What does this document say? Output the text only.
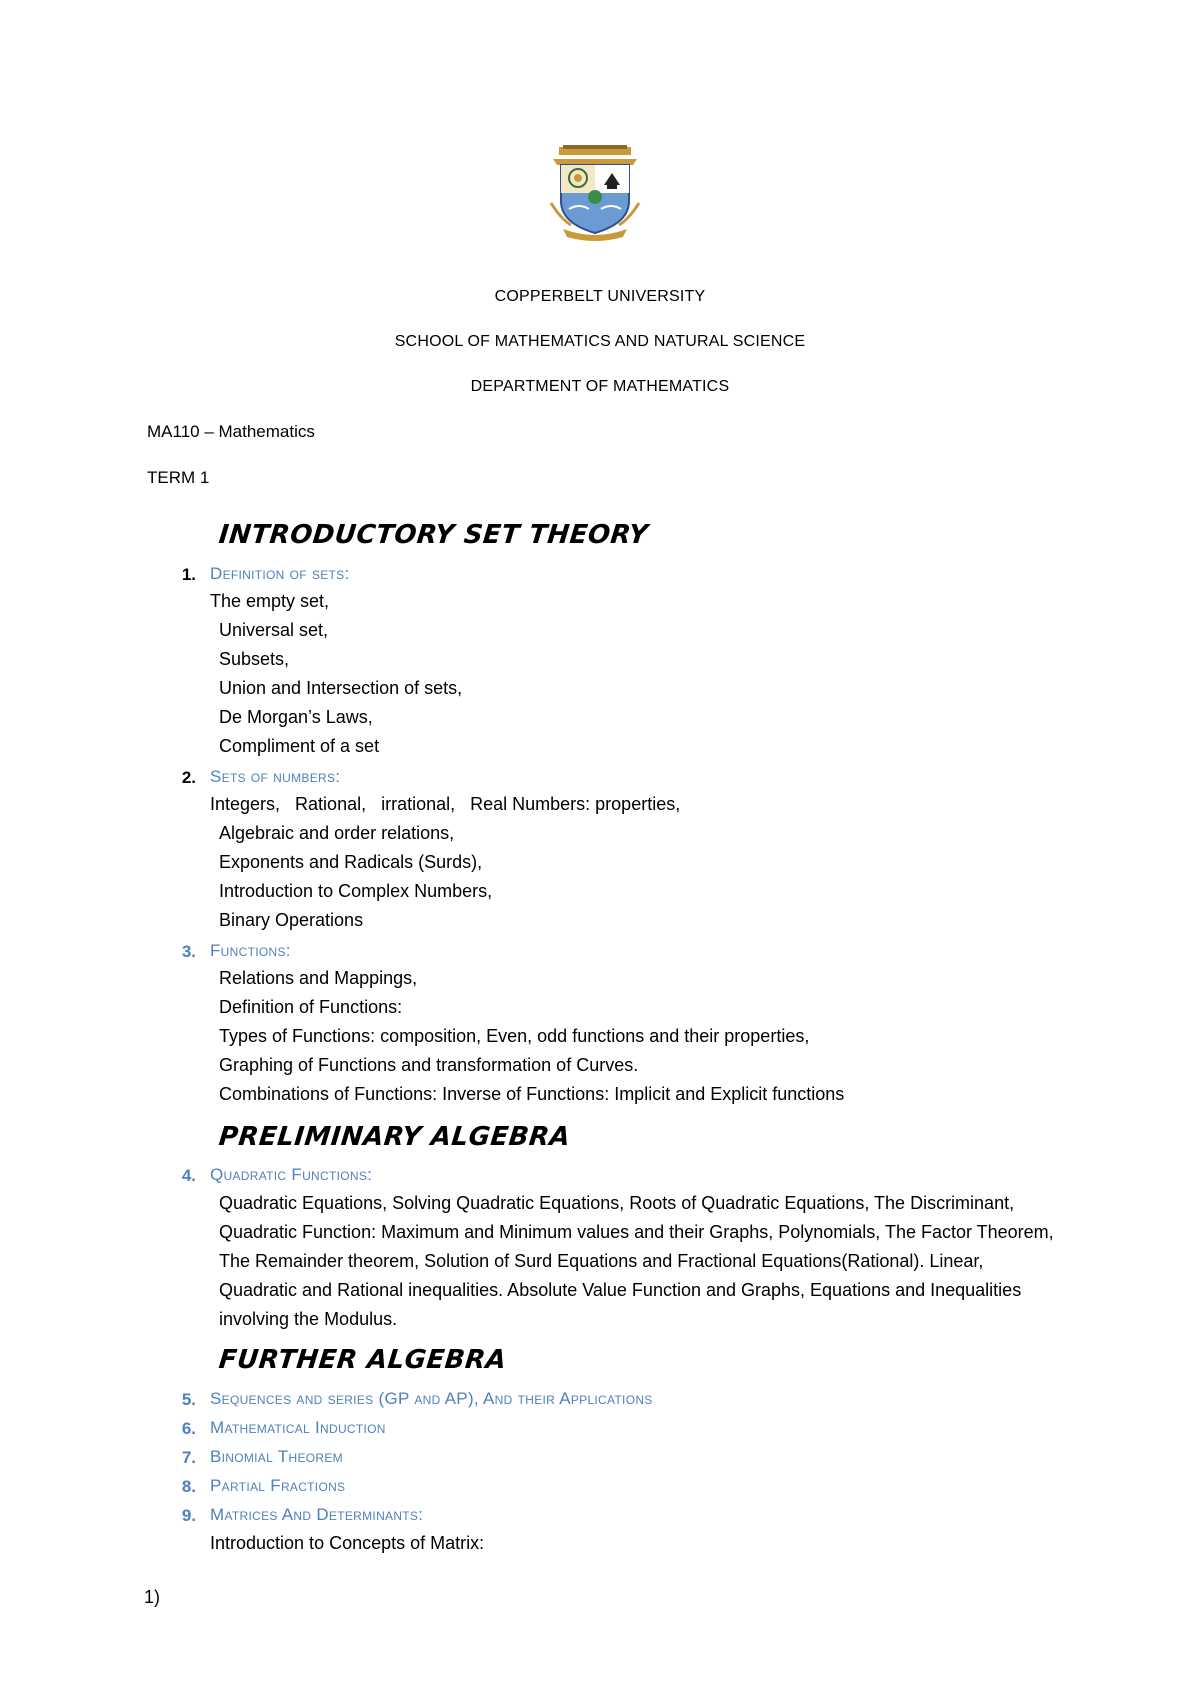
COPPERBELT UNIVERSITY
SCHOOL OF MATHEMATICS AND NATURAL SCIENCE
DEPARTMENT OF MATHEMATICS
MA110 – Mathematics
TERM 1
INTRODUCTORY SET THEORY
1. Definition of sets:
The empty set,
Universal set,
Subsets,
Union and Intersection of sets,
De Morgan’s Laws,
Compliment of a set
2. Sets of numbers:
Integers,   Rational,   irrational,   Real Numbers: properties,
Algebraic and order relations,
Exponents and Radicals (Surds),
Introduction to Complex Numbers,
Binary Operations
3. Functions:
Relations and Mappings,
Definition of Functions:
Types of Functions: composition, Even, odd functions and their properties,
Graphing of Functions and transformation of Curves.
Combinations of Functions: Inverse of Functions: Implicit and Explicit functions
PRELIMINARY ALGEBRA
4. Quadratic Functions:
Quadratic Equations, Solving Quadratic Equations, Roots of Quadratic Equations, The Discriminant, Quadratic Function: Maximum and Minimum values and their Graphs, Polynomials, The Factor Theorem, The Remainder theorem, Solution of Surd Equations and Fractional Equations(Rational). Linear, Quadratic and Rational inequalities. Absolute Value Function and Graphs, Equations and Inequalities involving the Modulus.
FURTHER ALGEBRA
5. Sequences and series (GP and AP), And their Applications
6. Mathematical Induction
7. Binomial Theorem
8. Partial Fractions
9. Matrices And Determinants:
Introduction to Concepts of Matrix:
1)
